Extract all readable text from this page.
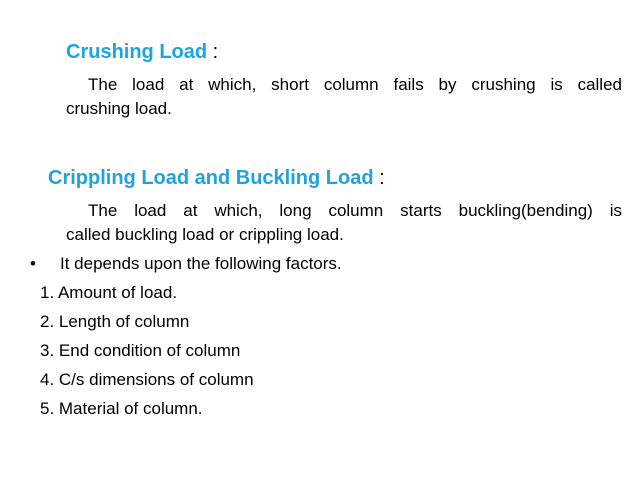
Crushing Load :
The load at which, short column fails by crushing is called
crushing load.
Crippling Load and Buckling Load :
The load at which, long column starts buckling(bending) is
called buckling load or crippling load.
• It depends upon the following factors.
1. Amount of load.
2. Length of column
3. End condition of column
4. C/s dimensions of column
5. Material of column.
